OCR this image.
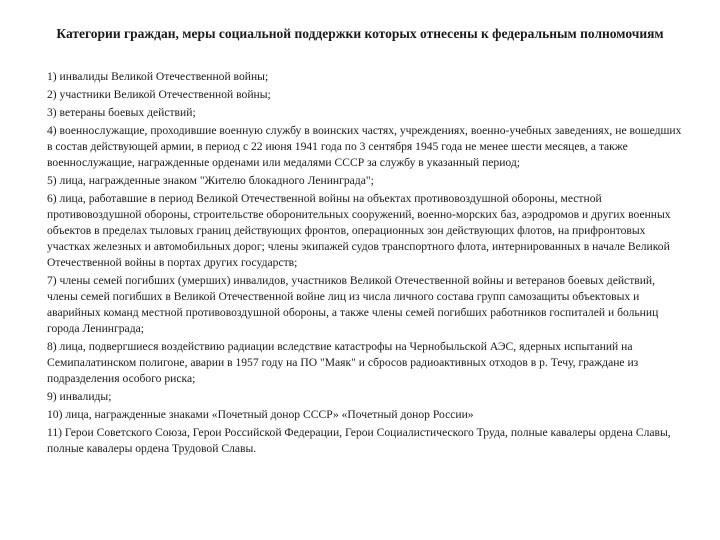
Категории граждан, меры социальной поддержки которых отнесены к федеральным полномочиям
1) инвалиды Великой Отечественной войны;
2) участники Великой Отечественной войны;
3) ветераны боевых действий;
4) военнослужащие, проходившие военную службу в воинских частях, учреждениях, военно-учебных заведениях, не вошедших в состав действующей армии, в период с 22 июня 1941 года по 3 сентября 1945 года не менее шести месяцев, а также военнослужащие, награжденные орденами или медалями СССР за службу в указанный период;
5) лица, награжденные знаком "Жителю блокадного Ленинграда";
6) лица, работавшие в период Великой Отечественной войны на объектах противовоздушной обороны, местной противовоздушной обороны, строительстве оборонительных сооружений, военно-морских баз, аэродромов и других военных объектов в пределах тыловых границ действующих фронтов, операционных зон действующих флотов, на прифронтовых участках железных и автомобильных дорог; члены экипажей судов транспортного флота, интернированных в начале Великой Отечественной войны в портах других государств;
7) члены семей погибших (умерших) инвалидов, участников Великой Отечественной войны и ветеранов боевых действий, члены семей погибших в Великой Отечественной войне лиц из числа личного состава групп самозащиты объектовых и аварийных команд местной противовоздушной обороны, а также члены семей погибших работников госпиталей и больниц города Ленинграда;
8) лица, подвергшиеся воздействию радиации вследствие катастрофы на Чернобыльской АЭС, ядерных испытаний на Семипалатинском полигоне, аварии в 1957 году на ПО "Маяк" и сбросов радиоактивных отходов в р. Течу, граждане из подразделения особого риска;
9) инвалиды;
10) лица, награжденные знаками «Почетный донор СССР» «Почетный донор России»
11) Герои Советского Союза, Герои Российской Федерации, Герои Социалистического Труда, полные кавалеры ордена Славы, полные кавалеры ордена Трудовой Славы.
